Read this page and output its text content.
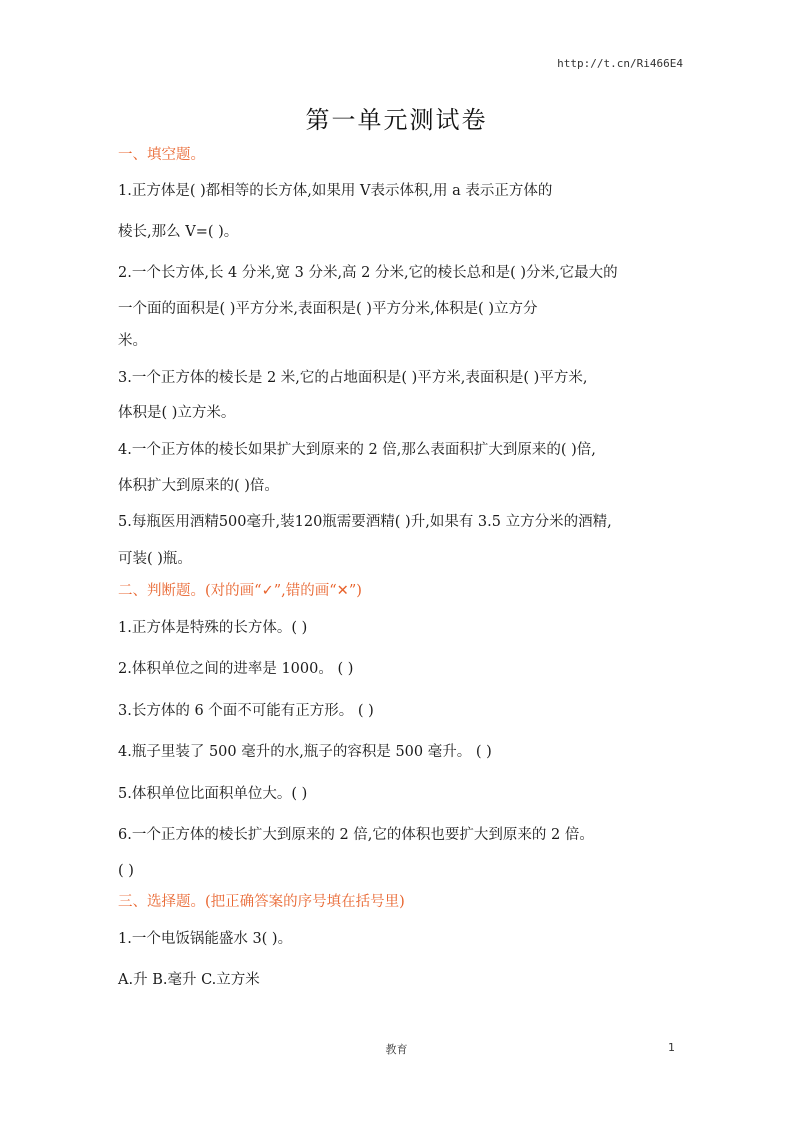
http://t.cn/Ri466E4
第一单元测试卷
一、填空题。
1.正方体是( )都相等的长方体,如果用 V表示体积,用 a 表示正方体的
棱长,那么 V=( )。
2.一个长方体,长 4 分米,宽 3 分米,高 2 分米,它的棱长总和是( )分米,它最大的
一个面的面积是( )平方分米,表面积是( )平方分米,体积是( )立方分
米。
3.一个正方体的棱长是 2 米,它的占地面积是( )平方米,表面积是( )平方米,
体积是( )立方米。
4.一个正方体的棱长如果扩大到原来的 2 倍,那么表面积扩大到原来的( )倍,
体积扩大到原来的( )倍。
5.每瓶医用酒精500毫升,装120瓶需要酒精( )升,如果有 3.5 立方分米的酒精,
可装( )瓶。
二、判断题。(对的画“✓”,错的画“✕”)
1.正方体是特殊的长方体。( )
2.体积单位之间的进率是 1000。 ( )
3.长方体的 6 个面不可能有正方形。 ( )
4.瓶子里装了 500 毫升的水,瓶子的容积是 500 毫升。 ( )
5.体积单位比面积单位大。( )
6.一个正方体的棱长扩大到原来的 2 倍,它的体积也要扩大到原来的 2 倍。
( )
三、选择题。(把正确答案的序号填在括号里)
1.一个电饭锅能盛水 3( )。
A.升 B.毫升 C.立方米
教育	1
